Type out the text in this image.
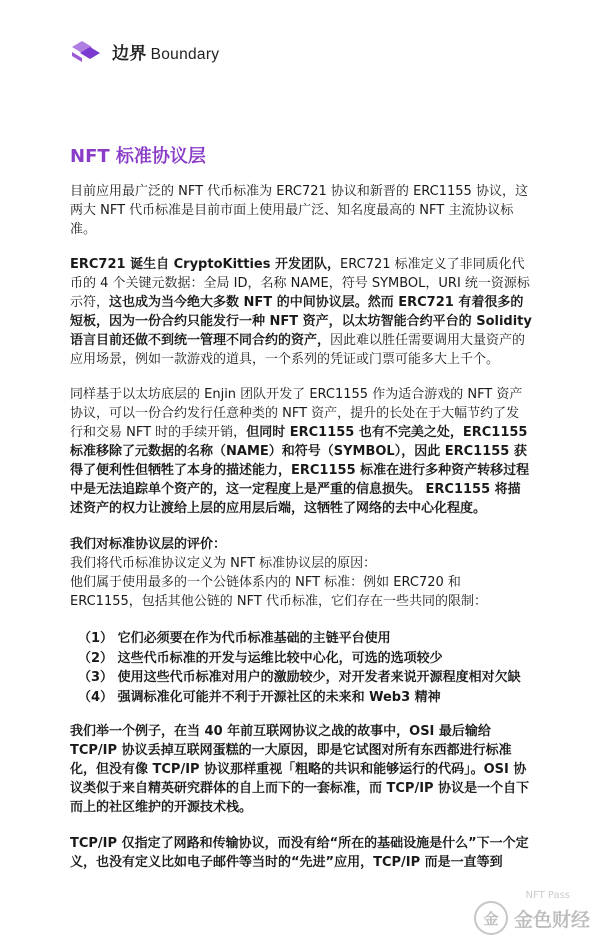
边界 Boundary
NFT 标准协议层

目前应用最广泛的 NFT 代币标准为 ERC721 协议和新晋的 ERC1155 协议，这两大 NFT 代币标准是目前市面上使用最广泛、知名度最高的 NFT 主流协议标准。

ERC721 诞生自 CryptoKitties 开发团队，ERC721 标准定义了非同质化代币的 4 个关键元数据：全局 ID，名称 NAME，符号 SYMBOL，URI 统一资源标示符，这也成为当今绝大多数 NFT 的中间协议层。然而 ERC721 有着很多的短板，因为一份合约只能发行一种 NFT 资产，以太坊智能合约平台的 Solidity 语言目前还做不到统一管理不同合约的资产，因此难以胜任需要调用大量资产的应用场景，例如一款游戏的道具，一个系列的凭证或门票可能多大上千个。

同样基于以太坊底层的 Enjin 团队开发了 ERC1155 作为适合游戏的 NFT 资产协议，可以一份合约发行任意种类的 NFT 资产，提升的长处在于大幅节约了发行和交易 NFT 时的手续开销，但同时 ERC1155 也有不完美之处，ERC1155 标准移除了元数据的名称（NAME）和符号（SYMBOL），因此 ERC1155 获得了便利性但牺牲了本身的描述能力，ERC1155 标准在进行多种资产转移过程中是无法追踪单个资产的，这一定程度上是严重的信息损失。 ERC1155 将描述资产的权力让渡给上层的应用层后端，这牺牲了网络的去中心化程度。

我们对标准协议层的评价：
我们将代币标准协议定义为 NFT 标准协议层的原因：
他们属于使用最多的一个公链体系内的 NFT 标准：例如 ERC720 和 ERC1155，包括其他公链的 NFT 代币标准，它们存在一些共同的限制：

（1） 它们必须要在作为代币标准基础的主链平台使用
（2） 这些代币标准的开发与运维比较中心化，可选的选项较少
（3） 使用这些代币标准对用户的激励较少，对开发者来说开源程度相对欠缺
（4） 强调标准化可能并不利于开源社区的未来和 Web3 精神

我们举一个例子，在当 40 年前互联网协议之战的故事中，OSI 最后输给 TCP/IP 协议丢掉互联网蛋糕的一大原因，即是它试图对所有东西都进行标准化，但没有像 TCP/IP 协议那样重视「粗略的共识和能够运行的代码」。OSI 协议类似于来自精英研究群体的自上而下的一套标准，而 TCP/IP 协议是一个自下而上的社区维护的开源技术栈。

TCP/IP 仅指定了网路和传输协议，而没有给“所在的基础设施是什么”下一个定义，也没有定义比如电子邮件等当时的“先进”应用，TCP/IP 而是一直等到

NFT Pass
金 金色财经
